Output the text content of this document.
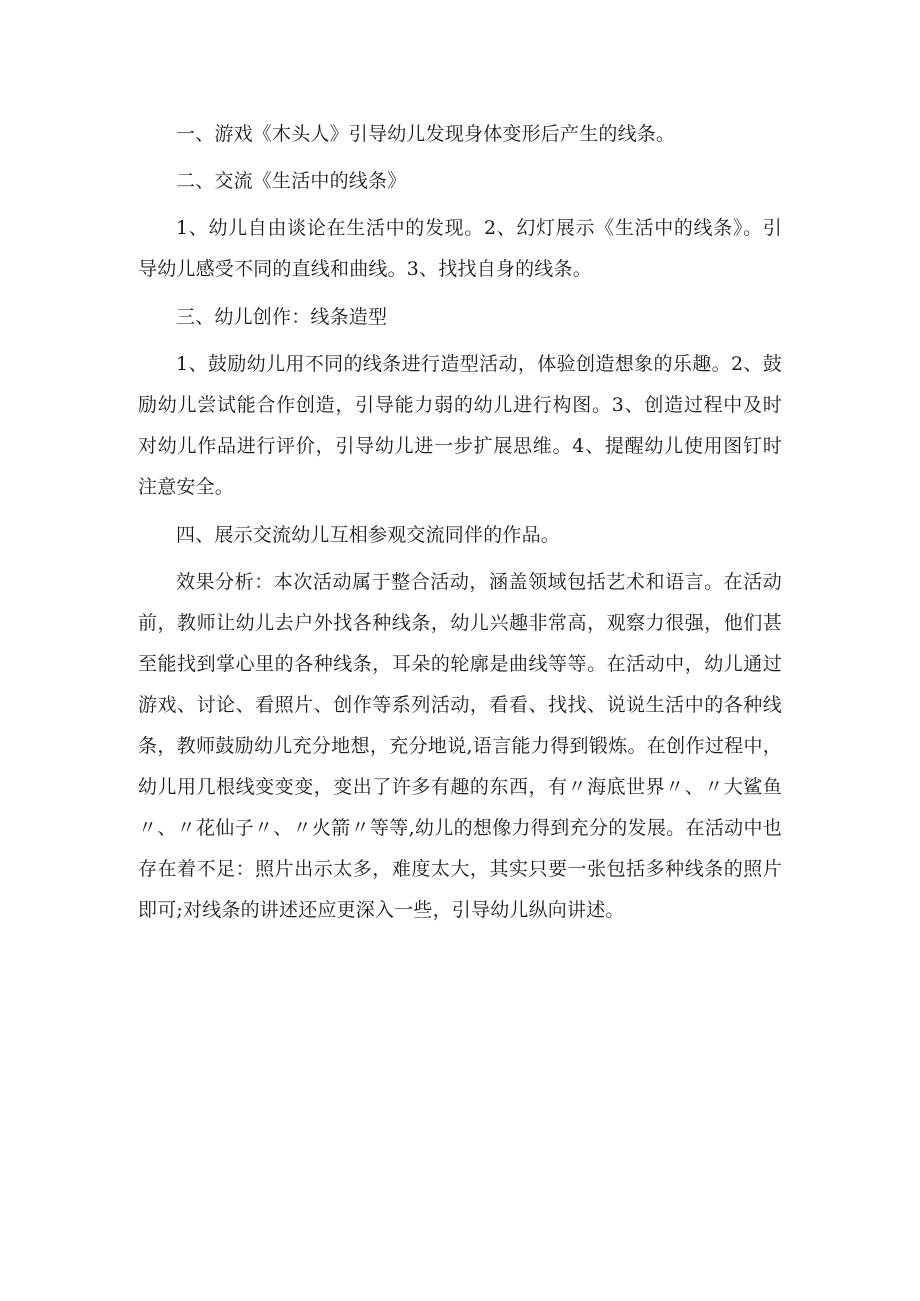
一、游戏《木头人》引导幼儿发现身体变形后产生的线条。

二、交流《生活中的线条》

1、幼儿自由谈论在生活中的发现。2、幻灯展示《生活中的线条》。引导幼儿感受不同的直线和曲线。3、找找自身的线条。

三、幼儿创作：线条造型

1、鼓励幼儿用不同的线条进行造型活动，体验创造想象的乐趣。2、鼓励幼儿尝试能合作创造，引导能力弱的幼儿进行构图。3、创造过程中及时对幼儿作品进行评价，引导幼儿进一步扩展思维。4、提醒幼儿使用图钉时注意安全。

四、展示交流幼儿互相参观交流同伴的作品。

效果分析：本次活动属于整合活动，涵盖领域包括艺术和语言。在活动前，教师让幼儿去户外找各种线条，幼儿兴趣非常高，观察力很强，他们甚至能找到掌心里的各种线条，耳朵的轮廓是曲线等等。在活动中，幼儿通过游戏、讨论、看照片、创作等系列活动，看看、找找、说说生活中的各种线条，教师鼓励幼儿充分地想，充分地说,语言能力得到锻炼。在创作过程中，幼儿用几根线变变变，变出了许多有趣的东西，有〃海底世界〃、〃大鲨鱼〃、〃花仙子〃、〃火箭〃等等,幼儿的想像力得到充分的发展。在活动中也存在着不足：照片出示太多，难度太大，其实只要一张包括多种线条的照片即可;对线条的讲述还应更深入一些，引导幼儿纵向讲述。
